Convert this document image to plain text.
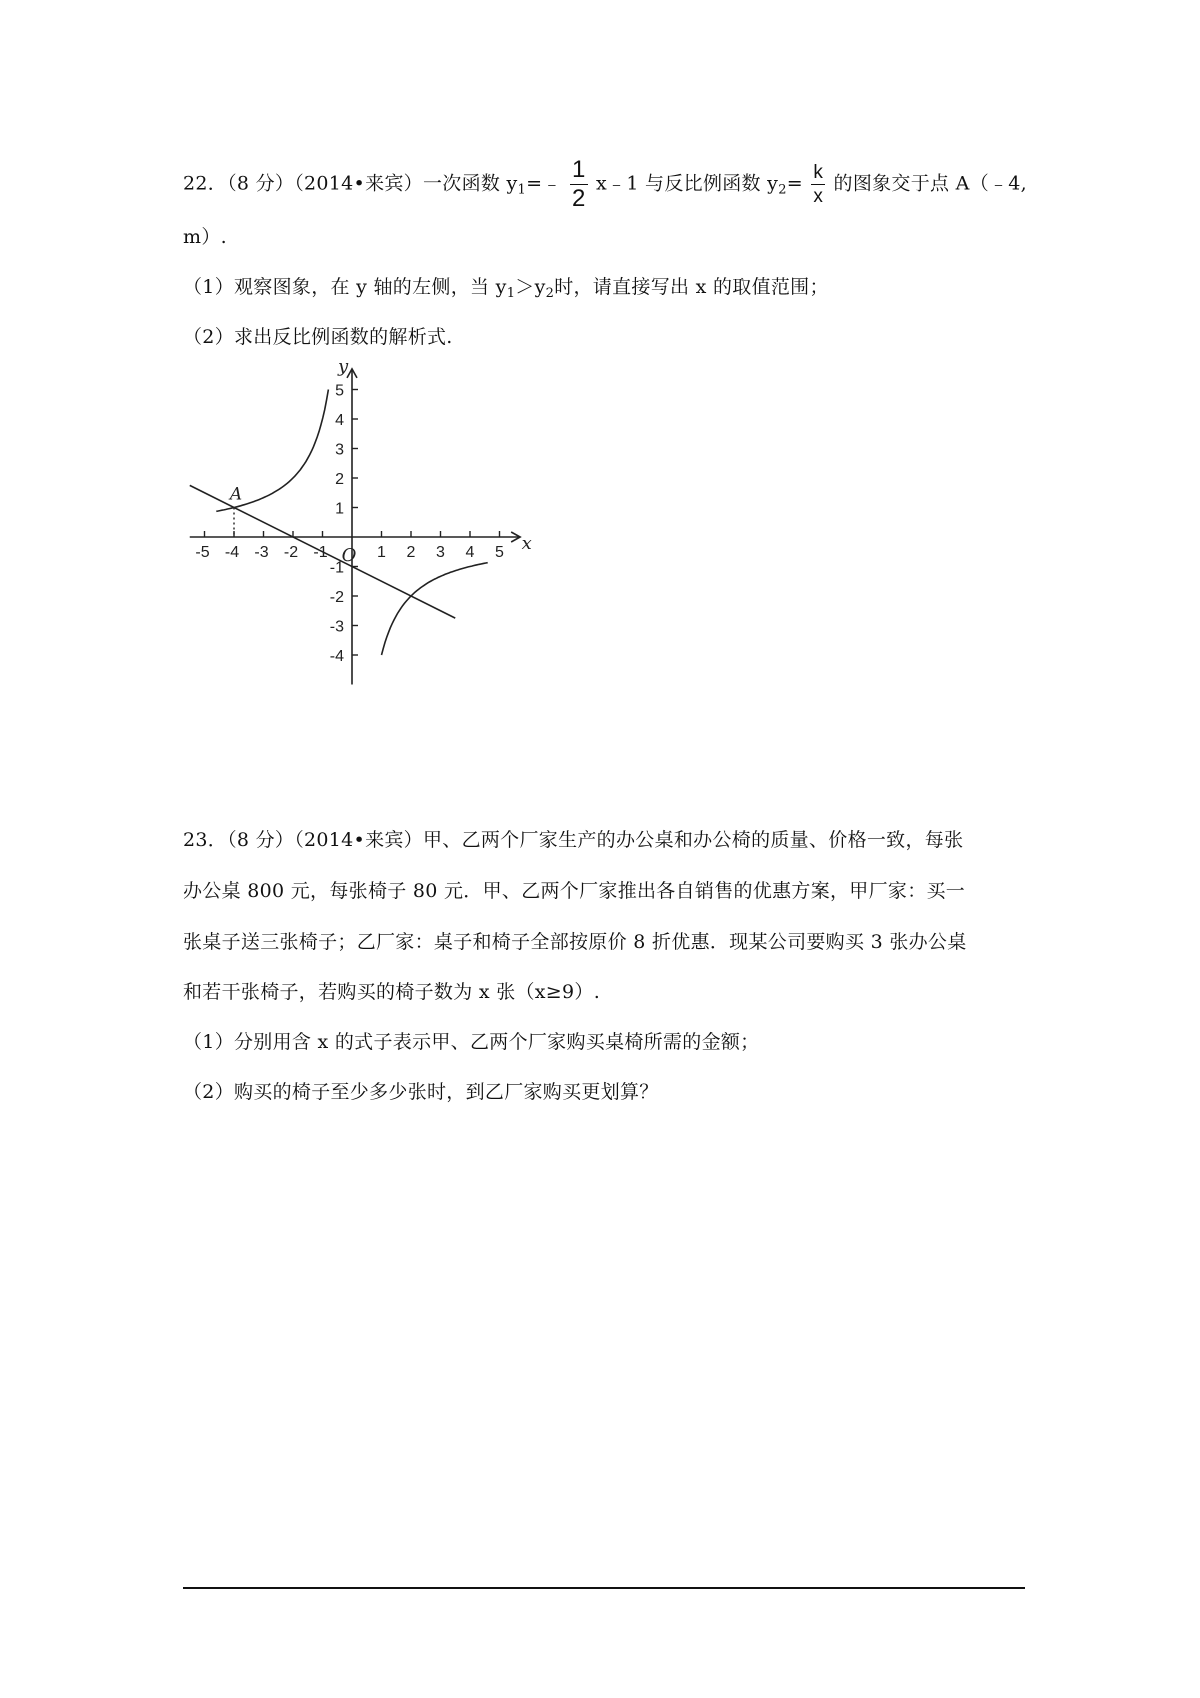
22．（8 分）（2014•来宾）一次函数 $y_1=﹣ \frac{1}{2}$ x﹣1 与反比例函数 $y_2= \frac{k}{x}$ 的图象交于点 A（﹣4,
m）.
（1）观察图象，在 y 轴的左侧，当 $y_1>y_2$时，请直接写出 x 的取值范围；
（2）求出反比例函数的解析式.
-5 -4 -3 -2 -1	1 2 3 4 5
5
4
3
2
1
-1
-2
-3
-4
A
x
y
O
23．（8 分）（2014•来宾）甲、乙两个厂家生产的办公桌和办公椅的质量、价格一致，每张
办公桌 800 元，每张椅子 80 元．甲、乙两个厂家推出各自销售的优惠方案，甲厂家：买一
张桌子送三张椅子；乙厂家：桌子和椅子全部按原价 8 折优惠．现某公司要购买 3 张办公桌
和若干张椅子，若购买的椅子数为 x 张（x≥9）.
（1）分别用含 x 的式子表示甲、乙两个厂家购买桌椅所需的金额；
（2）购买的椅子至少多少张时，到乙厂家购买更划算？
